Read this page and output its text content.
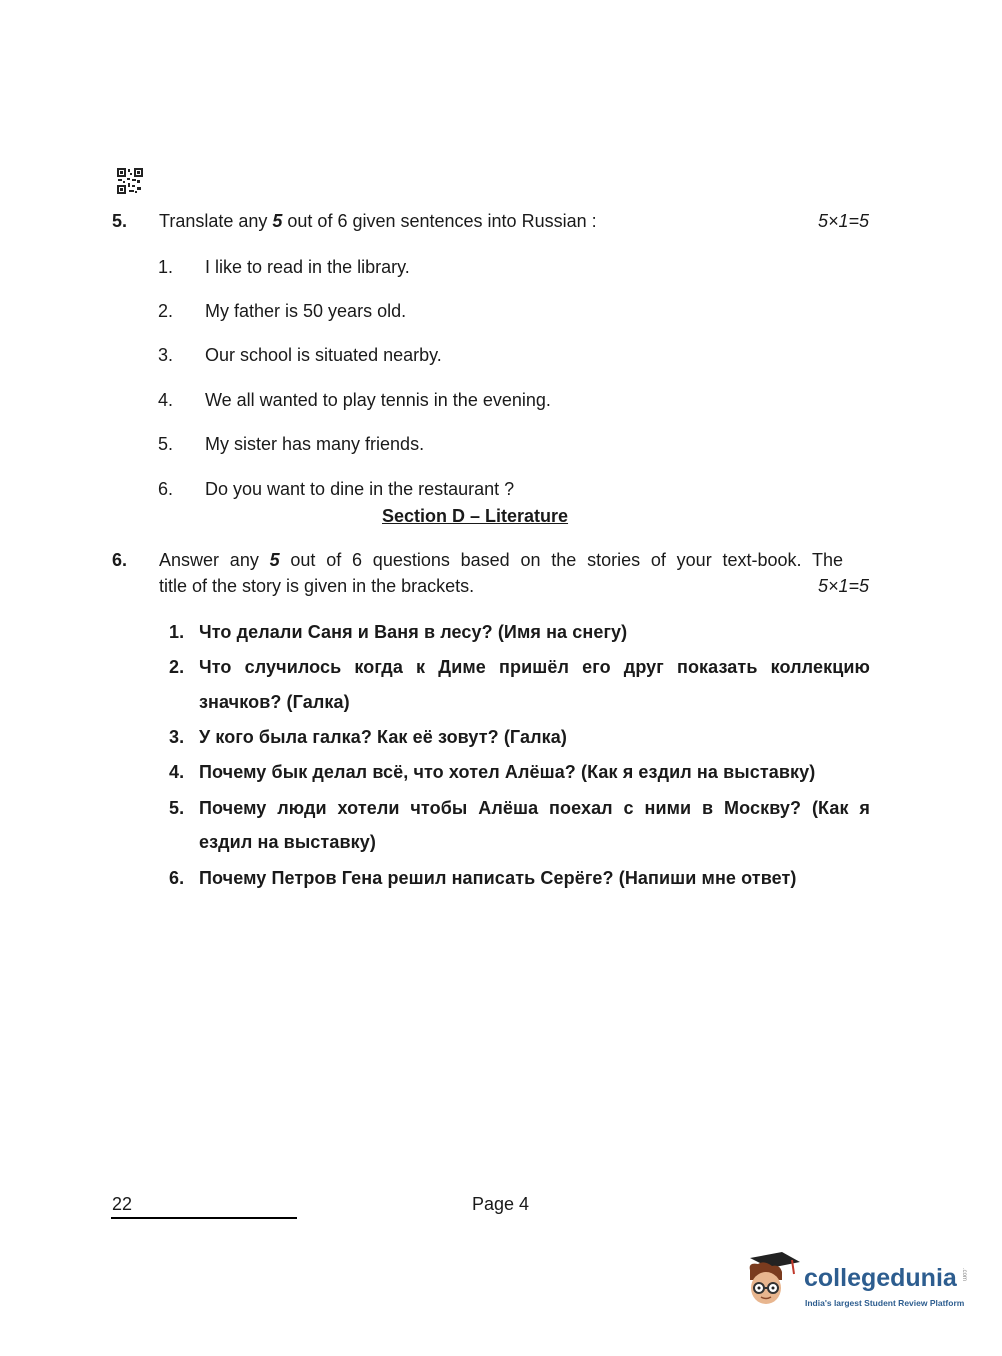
5. Translate any 5 out of 6 given sentences into Russian :	5×1=5
1. I like to read in the library.
2. My father is 50 years old.
3. Our school is situated nearby.
4. We all wanted to play tennis in the evening.
5. My sister has many friends.
6. Do you want to dine in the restaurant ?
Section D – Literature
6. Answer any 5 out of 6 questions based on the stories of your text-book. The
title of the story is given in the brackets.	5×1=5
1. Что делали Саня и Ваня в лесу? (Имя на снегу)
2. Что случилось когда к Диме пришёл его друг показать коллекцию
значков? (Галка)
3. У кого была галка? Как её зовут? (Галка)
4. Почему бык делал всё, что хотел Алёша? (Как я ездил на выставку)
5. Почему люди хотели чтобы Алёша поехал с ними в Москву? (Как я
ездил на выставку)
6. Почему Петров Гена решил написать Серёге? (Напиши мне ответ)
22	Page 4
collegedunia .com
India's largest Student Review Platform
